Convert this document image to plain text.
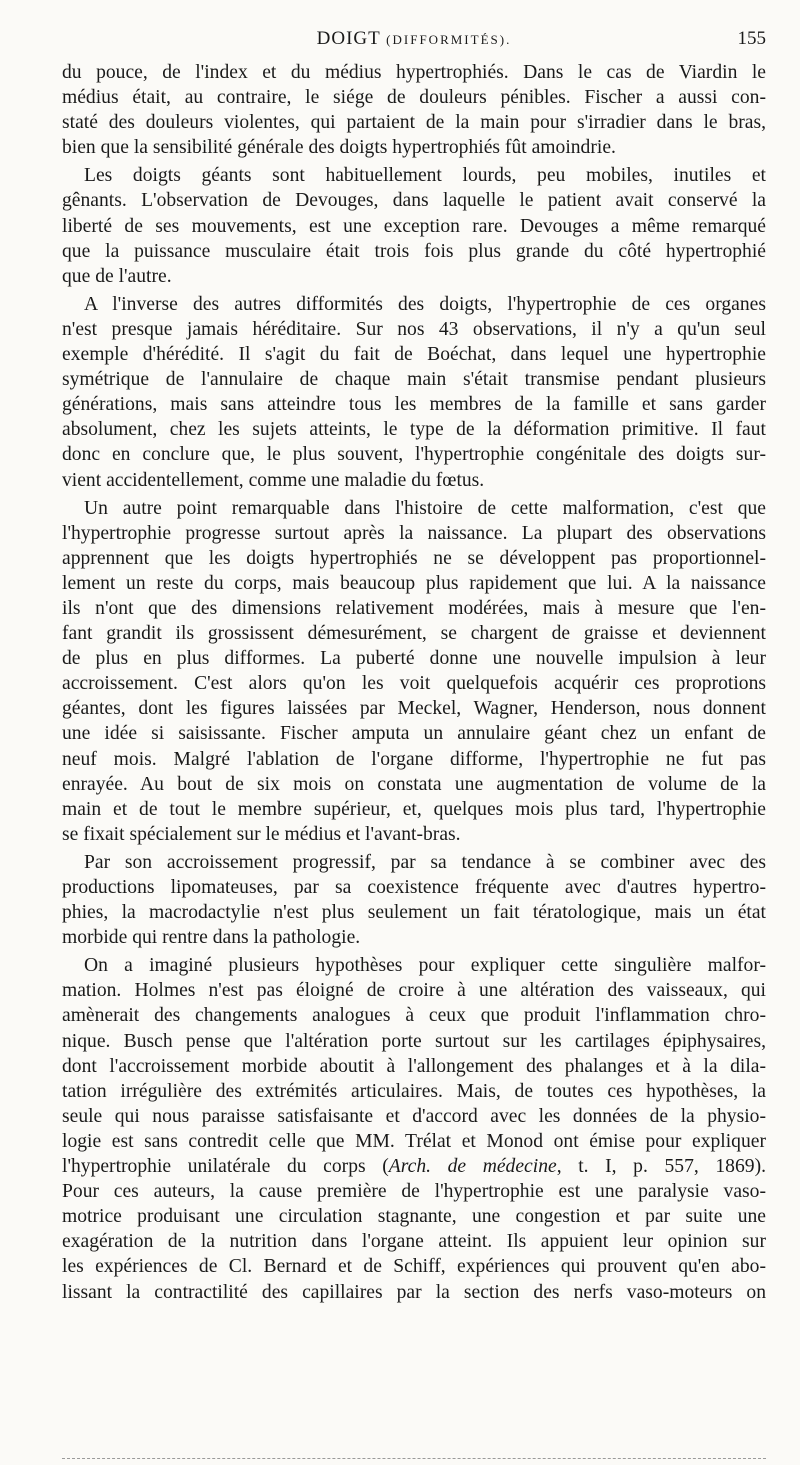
DOIGT (DIFFORMITÉS).	155
du pouce, de l'index et du médius hypertrophiés. Dans le cas de Viardin le
médius était, au contraire, le siége de douleurs pénibles. Fischer a aussi con-
staté des douleurs violentes, qui partaient de la main pour s'irradier dans le bras,
bien que la sensibilité générale des doigts hypertrophiés fût amoindrie.
Les doigts géants sont habituellement lourds, peu mobiles, inutiles et
gênants. L'observation de Devouges, dans laquelle le patient avait conservé la
liberté de ses mouvements, est une exception rare. Devouges a même remarqué
que la puissance musculaire était trois fois plus grande du côté hypertrophié
que de l'autre.
A l'inverse des autres difformités des doigts, l'hypertrophie de ces organes
n'est presque jamais héréditaire. Sur nos 43 observations, il n'y a qu'un seul
exemple d'hérédité. Il s'agit du fait de Boéchat, dans lequel une hypertrophie
symétrique de l'annulaire de chaque main s'était transmise pendant plusieurs
générations, mais sans atteindre tous les membres de la famille et sans garder
absolument, chez les sujets atteints, le type de la déformation primitive. Il faut
donc en conclure que, le plus souvent, l'hypertrophie congénitale des doigts sur-
vient accidentellement, comme une maladie du fœtus.
Un autre point remarquable dans l'histoire de cette malformation, c'est que
l'hypertrophie progresse surtout après la naissance. La plupart des observations
apprennent que les doigts hypertrophiés ne se développent pas proportionnel-
lement un reste du corps, mais beaucoup plus rapidement que lui. A la naissance
ils n'ont que des dimensions relativement modérées, mais à mesure que l'en-
fant grandit ils grossissent démesurément, se chargent de graisse et deviennent
de plus en plus difformes. La puberté donne une nouvelle impulsion à leur
accroissement. C'est alors qu'on les voit quelquefois acquérir ces proprotions
géantes, dont les figures laissées par Meckel, Wagner, Henderson, nous donnent
une idée si saisissante. Fischer amputa un annulaire géant chez un enfant de
neuf mois. Malgré l'ablation de l'organe difforme, l'hypertrophie ne fut pas
enrayée. Au bout de six mois on constata une augmentation de volume de la
main et de tout le membre supérieur, et, quelques mois plus tard, l'hypertrophie
se fixait spécialement sur le médius et l'avant-bras.
Par son accroissement progressif, par sa tendance à se combiner avec des
productions lipomateuses, par sa coexistence fréquente avec d'autres hypertro-
phies, la macrodactylie n'est plus seulement un fait tératologique, mais un état
morbide qui rentre dans la pathologie.
On a imaginé plusieurs hypothèses pour expliquer cette singulière malfor-
mation. Holmes n'est pas éloigné de croire à une altération des vaisseaux, qui
amènerait des changements analogues à ceux que produit l'inflammation chro-
nique. Busch pense que l'altération porte surtout sur les cartilages épiphysaires,
dont l'accroissement morbide aboutit à l'allongement des phalanges et à la dila-
tation irrégulière des extrémités articulaires. Mais, de toutes ces hypothèses, la
seule qui nous paraisse satisfaisante et d'accord avec les données de la physio-
logie est sans contredit celle que MM. Trélat et Monod ont émise pour expliquer
l'hypertrophie unilatérale du corps (Arch. de médecine, t. I, p. 557, 1869).
Pour ces auteurs, la cause première de l'hypertrophie est une paralysie vaso-
motrice produisant une circulation stagnante, une congestion et par suite une
exagération de la nutrition dans l'organe atteint. Ils appuient leur opinion sur
les expériences de Cl. Bernard et de Schiff, expériences qui prouvent qu'en abo-
lissant la contractilité des capillaires par la section des nerfs vaso-moteurs on
